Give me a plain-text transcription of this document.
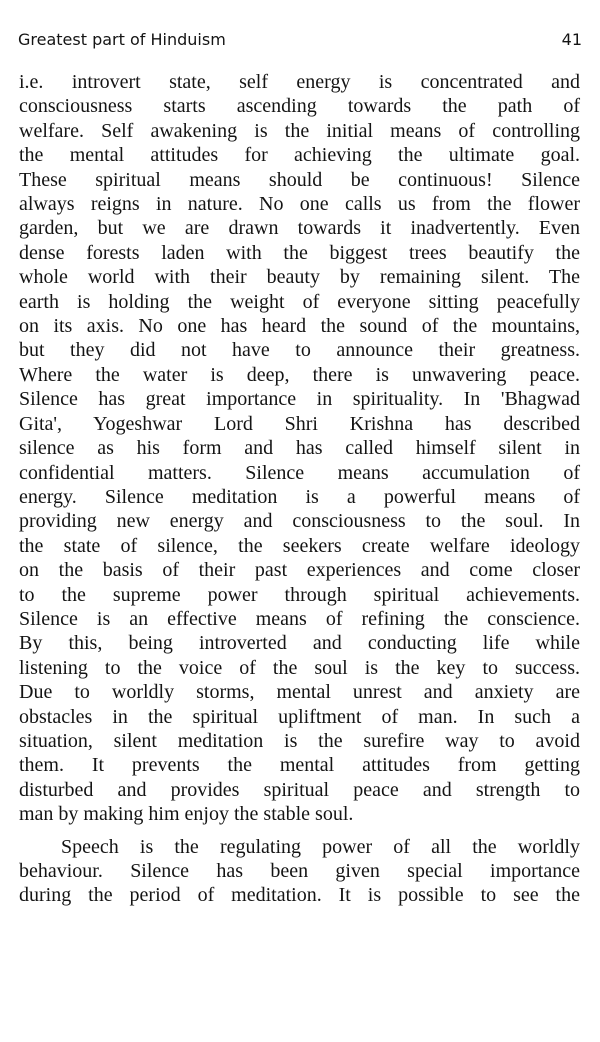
Greatest part of Hinduism	41

i.e. introvert state, self energy is concentrated and
consciousness starts ascending towards the path of
welfare. Self awakening is the initial means of controlling
the mental attitudes for achieving the ultimate goal.
These spiritual means should be continuous! Silence
always reigns in nature. No one calls us from the flower
garden, but we are drawn towards it inadvertently. Even
dense forests laden with the biggest trees beautify the
whole world with their beauty by remaining silent. The
earth is holding the weight of everyone sitting peacefully
on its axis. No one has heard the sound of the mountains,
but they did not have to announce their greatness.
Where the water is deep, there is unwavering peace.
Silence has great importance in spirituality. In 'Bhagwad
Gita', Yogeshwar Lord Shri Krishna has described
silence as his form and has called himself silent in
confidential matters. Silence means accumulation of
energy. Silence meditation is a powerful means of
providing new energy and consciousness to the soul. In
the state of silence, the seekers create welfare ideology
on the basis of their past experiences and come closer
to the supreme power through spiritual achievements.
Silence is an effective means of refining the conscience.
By this, being introverted and conducting life while
listening to the voice of the soul is the key to success.
Due to worldly storms, mental unrest and anxiety are
obstacles in the spiritual upliftment of man. In such a
situation, silent meditation is the surefire way to avoid
them. It prevents the mental attitudes from getting
disturbed and provides spiritual peace and strength to
man by making him enjoy the stable soul.

Speech is the regulating power of all the worldly
behaviour. Silence has been given special importance
during the period of meditation. It is possible to see the
